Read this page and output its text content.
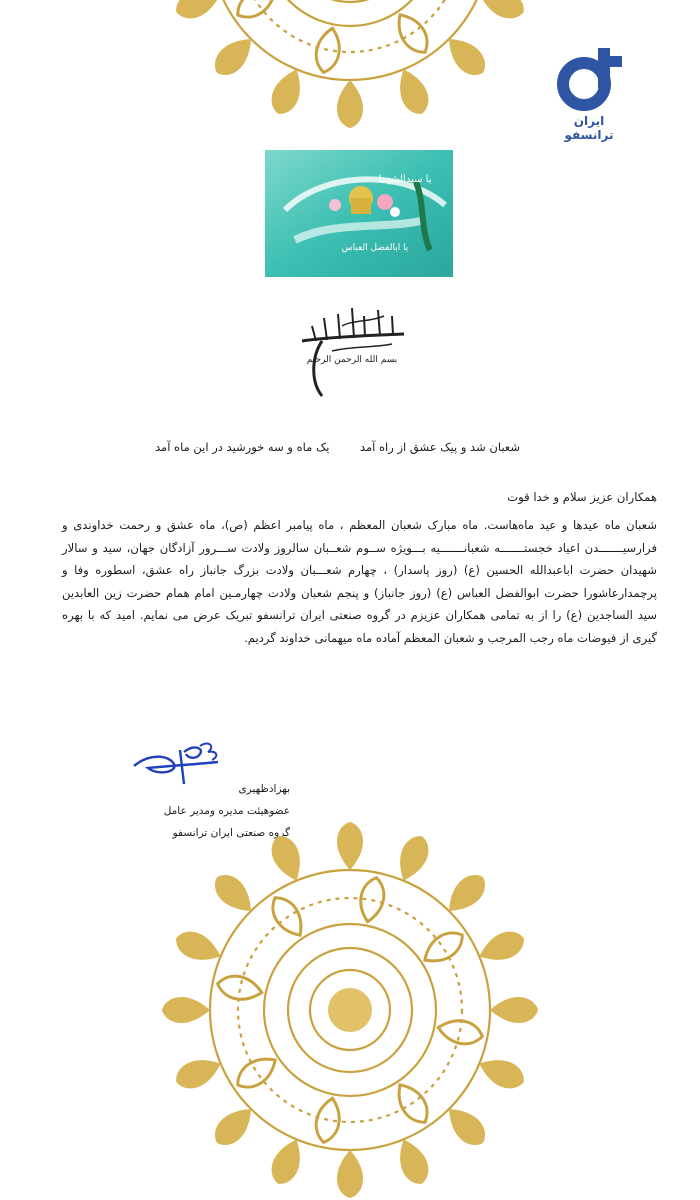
ایران ترانسفو
یا سیدالشهدا
یا ابالفضل العباس
بسم الله الرحمن الرحیم
شعبان شد و پیک عشق از راه آمد
یک ماه و سه خورشید در این ماه آمد

همکاران عزیز سلام و خدا قوت

شعبان ماه عیدها و عید ماه‌هاست. ماه مبارک شعبان المعظم ، ماه پیامبر اعظم (ص)، ماه عشق و رحمت خداوندی و فرارسیـــــــدن اعیاد خجستـــــــه شعبانـــــــیه بـــویژه ســوم شعــبان سالروز ولادت ســـرور آزادگان جهان، سید و سالار شهیدان حضرت اباعبدالله الحسین (ع) (روز پاسدار) ، چهارم شعـــبان ولادت بزرگ جانباز راه عشق، اسطوره وفا و پرچمدارعاشورا حضرت ابوالفضل العباس (ع) (روز جانباز) و پنجم شعبان ولادت چهارمـین امام همام حضرت زین العابدین سید الساجدین (ع) را از به تمامی همکاران عزیزم در گروه صنعتی ایران ترانسفو تبریک عرض می نمایم. امید که با بهره گیری از فیوضات ماه رجب المرجب و شعبان المعظم آماده ماه میهمانی خداوند گردیم.

بهزادظهیری
عضوهیئت مدیره ومدیر عامل
گروه صنعتی ایران ترانسفو
